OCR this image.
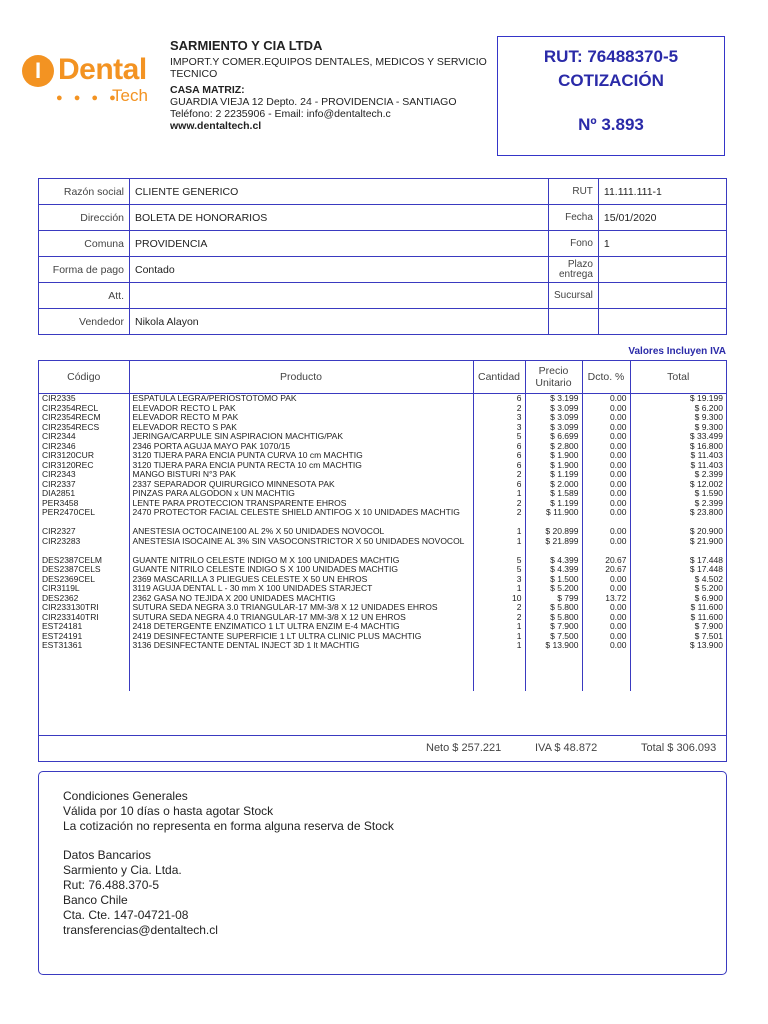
I Dental
● ● ● ●
Tech
SARMIENTO Y CIA LTDA
IMPORT.Y COMER.EQUIPOS DENTALES, MEDICOS Y SERVICIO TECNICO
CASA MATRIZ:
GUARDIA VIEJA 12 Depto. 24 - PROVIDENCIA - SANTIAGO
Teléfono: 2 2235906 - Email: info@dentaltech.c
www.dentaltech.cl
RUT: 76488370-5
COTIZACIÓN
Nº 3.893
Razón social	CLIENTE GENERICO	RUT	11.111.111-1
Dirección	BOLETA DE HONORARIOS	Fecha	15/01/2020
Comuna	PROVIDENCIA	Fono	1
Forma de pago	Contado	Plazo entrega	
Att.		Sucursal	
Vendedor	Nikola Alayon		
Valores Incluyen IVA
Código	Producto	Cantidad	Precio Unitario	Dcto. %	Total
CIR2335	ESPATULA LEGRA/PERIOSTOTOMO PAK	6	$ 3.199	0.00	$ 19.199
CIR2354RECL	ELEVADOR RECTO L PAK	2	$ 3.099	0.00	$ 6.200
CIR2354RECM	ELEVADOR RECTO M PAK	3	$ 3.099	0.00	$ 9.300
CIR2354RECS	ELEVADOR RECTO S PAK	3	$ 3.099	0.00	$ 9.300
CIR2344	JERINGA/CARPULE SIN ASPIRACION MACHTIG/PAK	5	$ 6.699	0.00	$ 33.499
CIR2346	2346 PORTA AGUJA MAYO PAK 1070/15	6	$ 2.800	0.00	$ 16.800
CIR3120CUR	3120 TIJERA PARA ENCIA PUNTA CURVA 10 cm MACHTIG	6	$ 1.900	0.00	$ 11.403
CIR3120REC	3120 TIJERA PARA ENCIA PUNTA RECTA 10 cm MACHTIG	6	$ 1.900	0.00	$ 11.403
CIR2343	MANGO BISTURI N°3 PAK	2	$ 1.199	0.00	$ 2.399
CIR2337	2337 SEPARADOR QUIRURGICO MINNESOTA PAK	6	$ 2.000	0.00	$ 12.002
DIA2851	PINZAS PARA ALGODON x UN MACHTIG	1	$ 1.589	0.00	$ 1.590
PER3458	LENTE PARA PROTECCION TRANSPARENTE EHROS	2	$ 1.199	0.00	$ 2.399
PER2470CEL	2470 PROTECTOR FACIAL CELESTE SHIELD ANTIFOG X 10 UNIDADES MACHTIG	2	$ 11.900	0.00	$ 23.800
CIR2327	ANESTESIA OCTOCAINE100 AL 2% X 50 UNIDADES NOVOCOL	1	$ 20.899	0.00	$ 20.900
CIR23283	ANESTESIA ISOCAINE AL 3% SIN VASOCONSTRICTOR X 50 UNIDADES NOVOCOL	1	$ 21.899	0.00	$ 21.900
DES2387CELM	GUANTE NITRILO CELESTE INDIGO M X 100 UNIDADES MACHTIG	5	$ 4.399	20.67	$ 17.448
DES2387CELS	GUANTE NITRILO CELESTE INDIGO S X 100 UNIDADES MACHTIG	5	$ 4.399	20.67	$ 17.448
DES2369CEL	2369 MASCARILLA 3 PLIEGUES CELESTE X 50 UN EHROS	3	$ 1.500	0.00	$ 4.502
CIR3119L	3119 AGUJA DENTAL L - 30 mm X 100 UNIDADES STARJECT	1	$ 5.200	0.00	$ 5.200
DES2362	2362 GASA NO TEJIDA X 200 UNIDADES MACHTIG	10	$ 799	13.72	$ 6.900
CIR233130TRI	SUTURA SEDA NEGRA 3.0 TRIANGULAR-17 MM-3/8 X 12 UNIDADES EHROS	2	$ 5.800	0.00	$ 11.600
CIR233140TRI	SUTURA SEDA NEGRA 4.0 TRIANGULAR-17 MM-3/8 X 12 UN EHROS	2	$ 5.800	0.00	$ 11.600
EST24181	2418 DETERGENTE ENZIMATICO 1 LT ULTRA ENZIM E-4 MACHTIG	1	$ 7.900	0.00	$ 7.900
EST24191	2419 DESINFECTANTE SUPERFICIE 1 LT ULTRA CLINIC PLUS MACHTIG	1	$ 7.500	0.00	$ 7.501
EST31361	3136 DESINFECTANTE DENTAL INJECT 3D 1 lt MACHTIG	1	$ 13.900	0.00	$ 13.900

Neto $ 257.221	IVA $ 48.872	Total $ 306.093
Condiciones Generales
Válida por 10 días o hasta agotar Stock
La cotización no representa en forma alguna reserva de Stock
Datos Bancarios
Sarmiento y Cia. Ltda.
Rut: 76.488.370-5
Banco Chile
Cta. Cte. 147-04721-08
transferencias@dentaltech.cl
